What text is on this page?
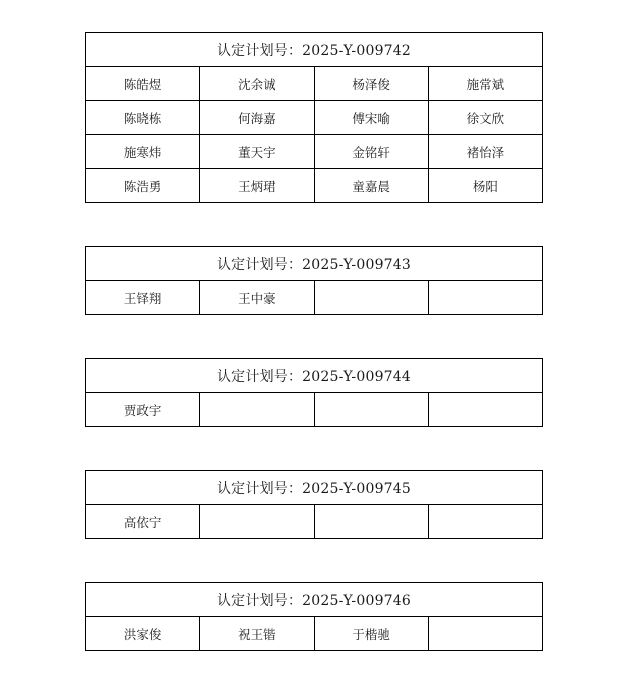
认定计划号：2025-Y-009742			
陈皓煜	沈余诚	杨泽俊	施常斌
陈晓栋	何海嘉	傅宋喻	徐文欣
施寒炜	董天宇	金铭轩	褚怡泽
陈浩勇	王炳珺	童嘉晨	杨阳
认定计划号：2025-Y-009743
王铎翔	王中豪		
认定计划号：2025-Y-009744
贾政宇			
认定计划号：2025-Y-009745
高依宁			
认定计划号：2025-Y-009746
洪家俊	祝王锴	于楷驰	
